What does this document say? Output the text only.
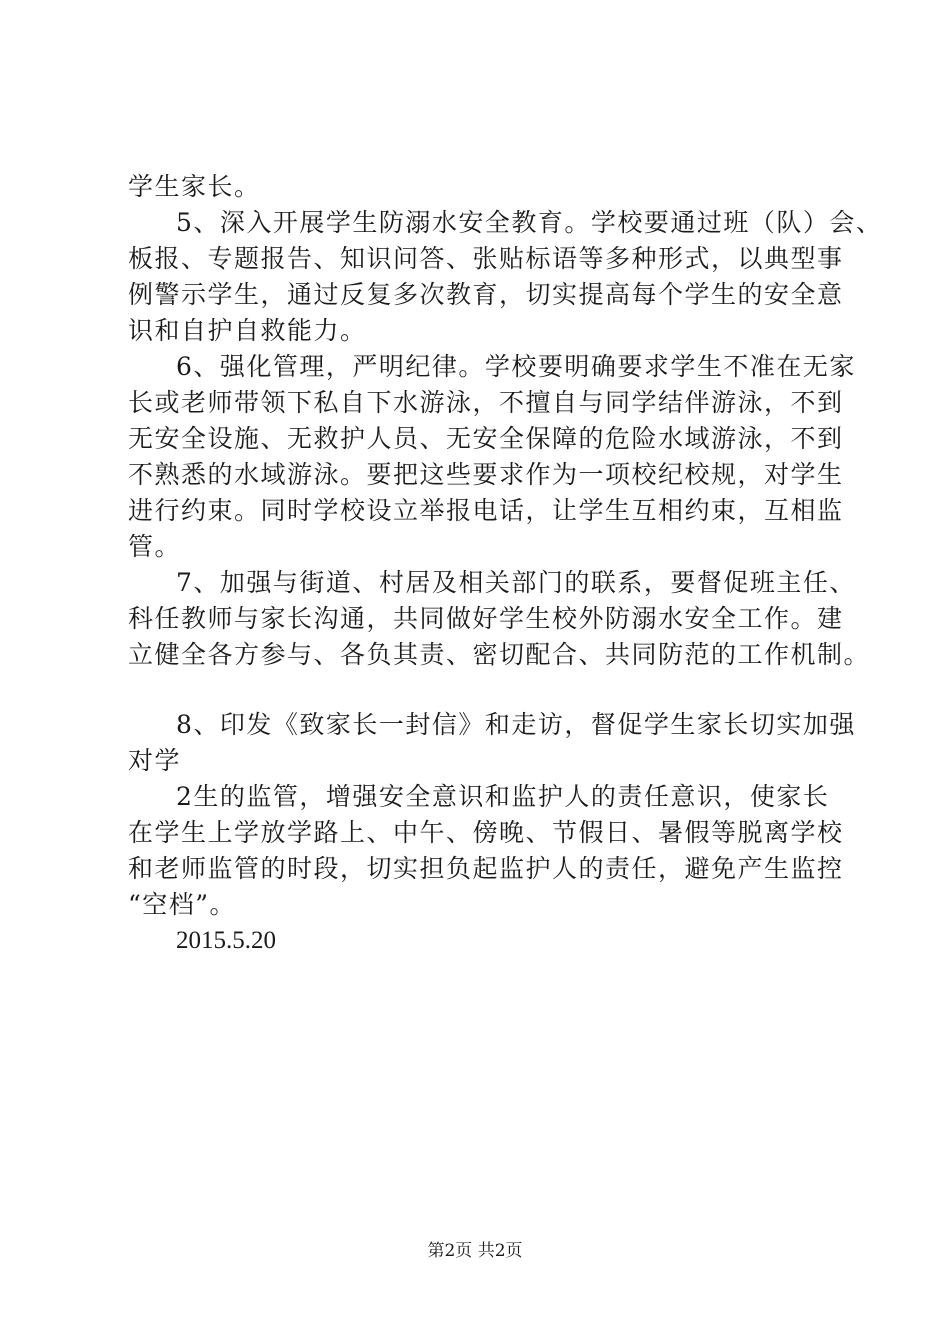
学生家长。
5、深入开展学生防溺水安全教育。学校要通过班（队）会、
板报、专题报告、知识问答、张贴标语等多种形式，以典型事
例警示学生，通过反复多次教育，切实提高每个学生的安全意
识和自护自救能力。
6、强化管理，严明纪律。学校要明确要求学生不准在无家
长或老师带领下私自下水游泳，不擅自与同学结伴游泳，不到
无安全设施、无救护人员、无安全保障的危险水域游泳，不到
不熟悉的水域游泳。要把这些要求作为一项校纪校规，对学生
进行约束。同时学校设立举报电话，让学生互相约束，互相监
管。
7、加强与街道、村居及相关部门的联系，要督促班主任、
科任教师与家长沟通，共同做好学生校外防溺水安全工作。建
立健全各方参与、各负其责、密切配合、共同防范的工作机制。
8、印发《致家长一封信》和走访，督促学生家长切实加强
对学
2生的监管，增强安全意识和监护人的责任意识，使家长
在学生上学放学路上、中午、傍晚、节假日、暑假等脱离学校
和老师监管的时段，切实担负起监护人的责任，避免产生监控
“空档”。
2015.5.20
第2页 共2页
